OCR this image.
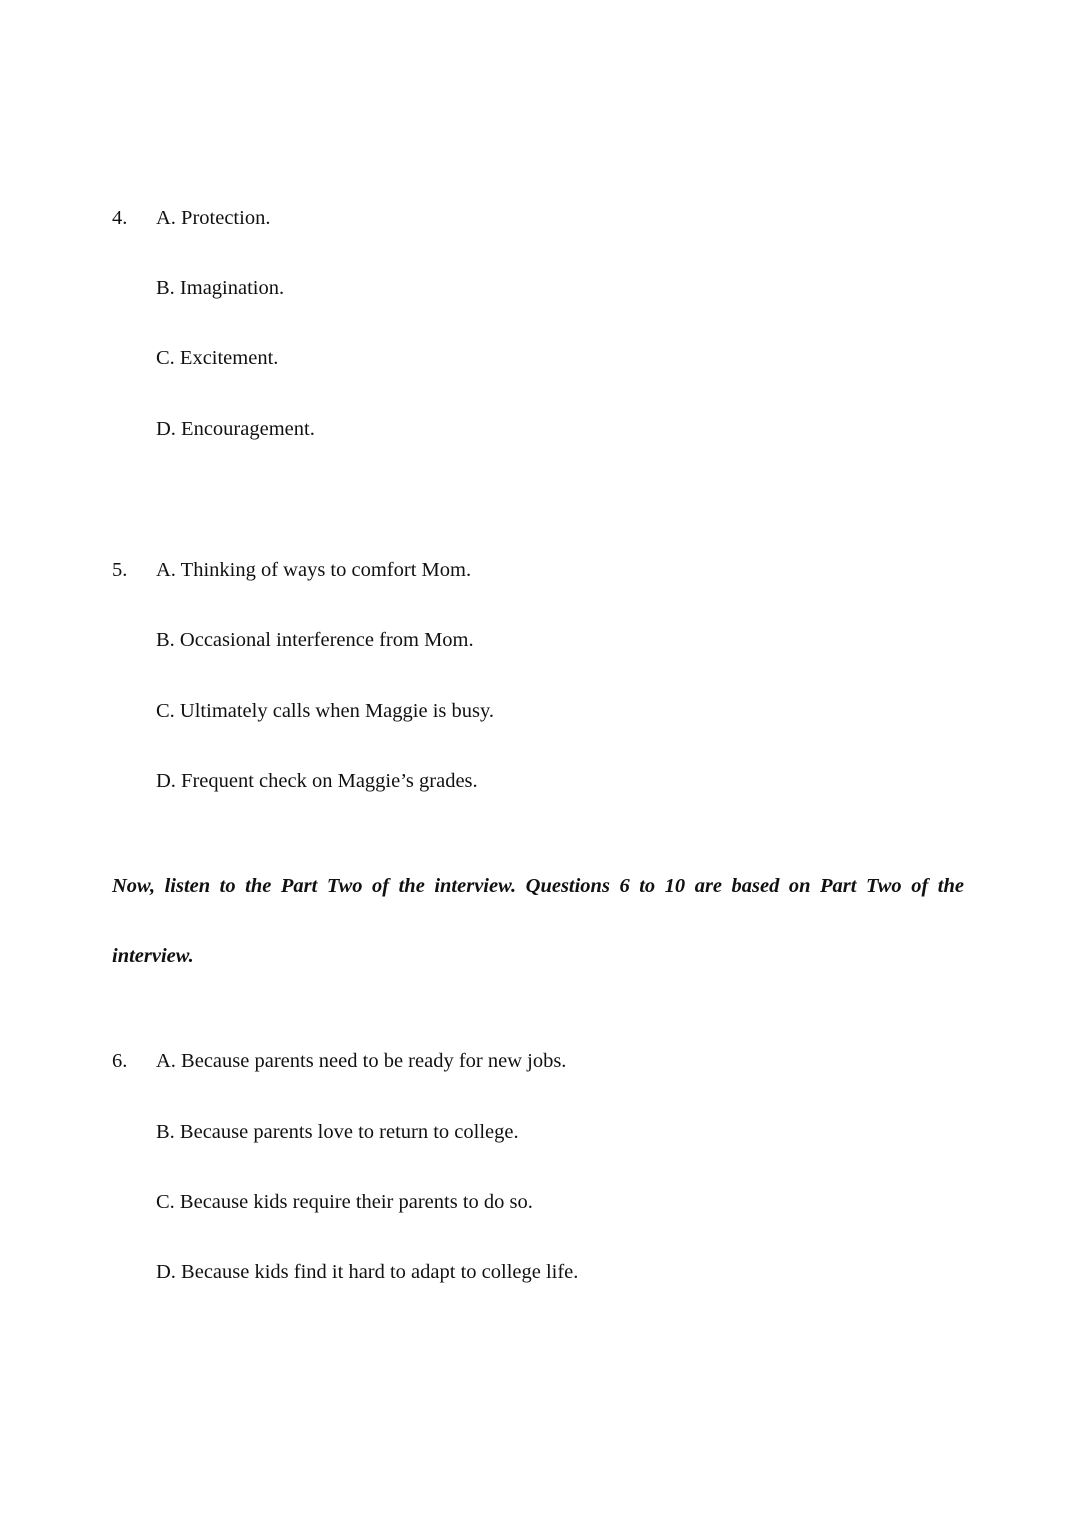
4. A. Protection.
B. Imagination.
C. Excitement.
D. Encouragement.
5. A. Thinking of ways to comfort Mom.
B. Occasional interference from Mom.
C. Ultimately calls when Maggie is busy.
D. Frequent check on Maggie’s grades.
Now, listen to the Part Two of the interview. Questions 6 to 10 are based on Part Two of the
interview.
6. A. Because parents need to be ready for new jobs.
B. Because parents love to return to college.
C. Because kids require their parents to do so.
D. Because kids find it hard to adapt to college life.
